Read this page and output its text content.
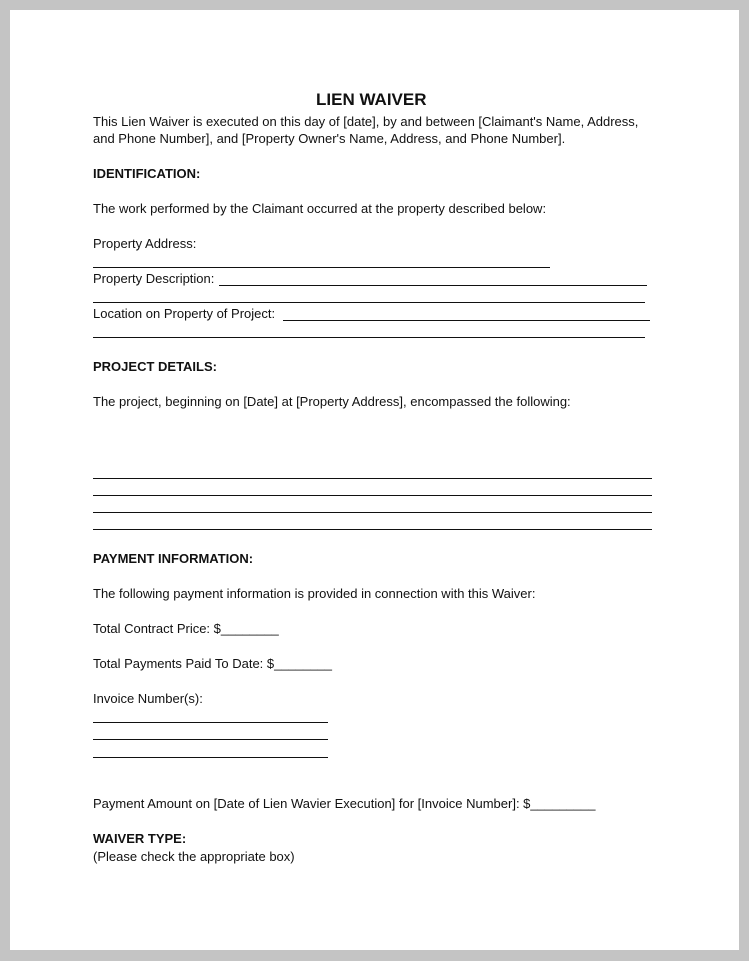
LIEN WAIVER
This Lien Waiver is executed on this day of [date], by and between [Claimant's Name, Address,
and Phone Number], and [Property Owner's Name, Address, and Phone Number].
IDENTIFICATION:
The work performed by the Claimant occurred at the property described below:
Property Address:
Property Description:
Location on Property of Project:
PROJECT DETAILS:
The project, beginning on [Date] at [Property Address], encompassed the following:
PAYMENT INFORMATION:
The following payment information is provided in connection with this Waiver:
Total Contract Price: $________
Total Payments Paid To Date: $________
Invoice Number(s):
Payment Amount on [Date of Lien Wavier Execution] for [Invoice Number]: $_________
WAIVER TYPE:
(Please check the appropriate box)
